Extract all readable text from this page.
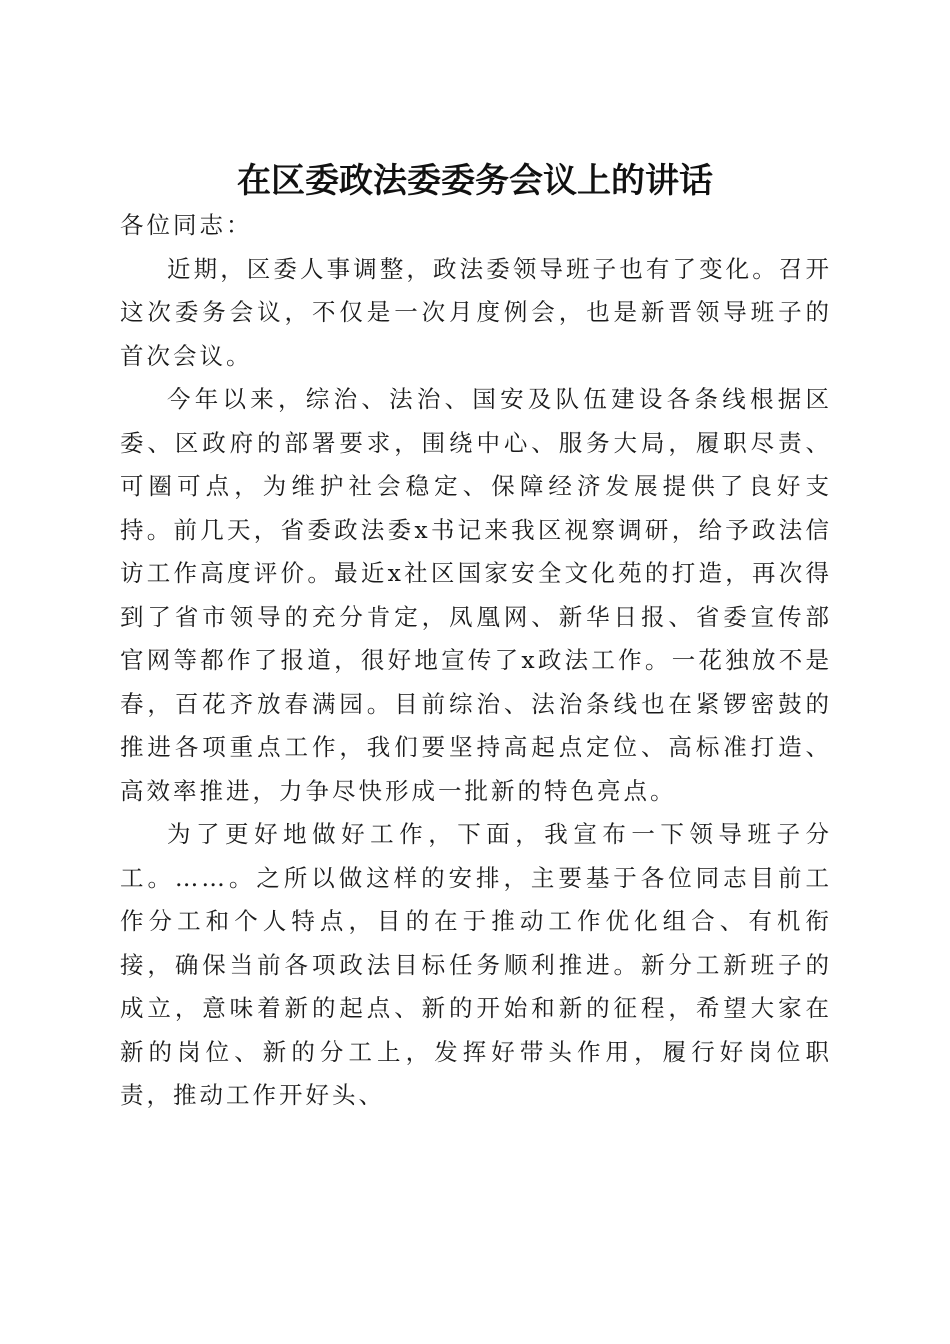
在区委政法委委务会议上的讲话

各位同志：

近期，区委人事调整，政法委领导班子也有了变化。召开这次委务会议，不仅是一次月度例会，也是新晋领导班子的首次会议。

今年以来，综治、法治、国安及队伍建设各条线根据区委、区政府的部署要求，围绕中心、服务大局，履职尽责、可圈可点，为维护社会稳定、保障经济发展提供了良好支持。前几天，省委政法委x书记来我区视察调研，给予政法信访工作高度评价。最近x社区国家安全文化苑的打造，再次得到了省市领导的充分肯定，凤凰网、新华日报、省委宣传部官网等都作了报道，很好地宣传了x政法工作。一花独放不是春，百花齐放春满园。目前综治、法治条线也在紧锣密鼓的推进各项重点工作，我们要坚持高起点定位、高标准打造、高效率推进，力争尽快形成一批新的特色亮点。

为了更好地做好工作，下面，我宣布一下领导班子分工。……。之所以做这样的安排，主要基于各位同志目前工作分工和个人特点，目的在于推动工作优化组合、有机衔接，确保当前各项政法目标任务顺利推进。新分工新班子的成立，意味着新的起点、新的开始和新的征程，希望大家在新的岗位、新的分工上，发挥好带头作用，履行好岗位职责，推动工作开好头、
